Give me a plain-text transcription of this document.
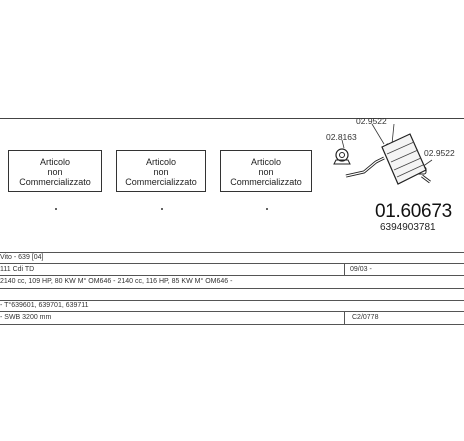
Articolo
non
Commercializzato
Articolo
non
Commercializzato
Articolo
non
Commercializzato
02.9522
02.8163
02.9522
01.60673
6394903781
Vito - 639 [04]
111 Cdi TD	09/03 -
2140 cc, 109 HP, 80 KW M° OM646 - 2140 cc, 116 HP, 85 KW M° OM646 -
- T°639601, 639701, 639711
- SWB 3200 mm	C2/0778
